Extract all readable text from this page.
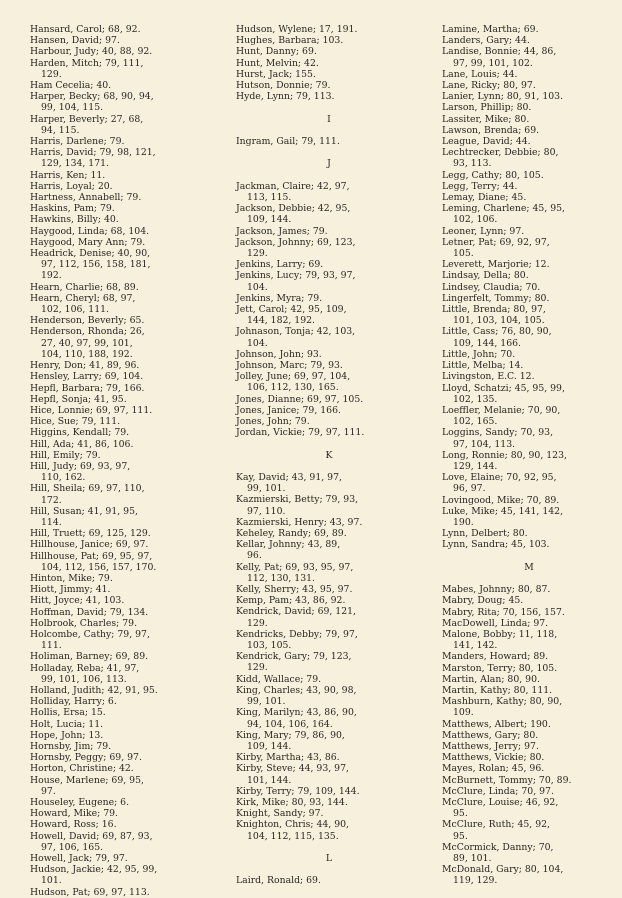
Hansard, Carol; 68, 92.
Hansen, David; 97.
Harbour, Judy; 40, 88, 92.
Harden, Mitch; 79, 111,
129.
Ham Cecelia; 40.
Harper, Becky; 68, 90, 94,
99, 104, 115.
Harper, Beverly; 27, 68,
94, 115.
Harris, Darlene; 79.
Harris, David; 79, 98, 121,
129, 134, 171.
Harris, Ken; 11.
Harris, Loyal; 20.
Hartness, Annabell; 79.
Haskins, Pam; 79.
Hawkins, Billy; 40.
Haygood, Linda; 68, 104.
Haygood, Mary Ann; 79.
Headrick, Denise; 40, 90,
97, 112, 156, 158, 181,
192.
Hearn, Charlie; 68, 89.
Hearn, Cheryl; 68, 97,
102, 106, 111.
Henderson, Beverly; 65.
Henderson, Rhonda; 26,
27, 40, 97, 99, 101,
104, 110, 188, 192.
Henry, Don; 41, 89, 96.
Hensley, Larry; 69, 104.
Hepfl, Barbara; 79, 166.
Hepfl, Sonja; 41, 95.
Hice, Lonnie; 69, 97, 111.
Hice, Sue; 79, 111.
Higgins, Kendall; 79.
Hill, Ada; 41, 86, 106.
Hill, Emily; 79.
Hill, Judy; 69, 93, 97,
110, 162.
Hill, Sheila; 69, 97, 110,
172.
Hill, Susan; 41, 91, 95,
114.
Hill, Truett; 69, 125, 129.
Hillhouse, Janice; 69, 97.
Hillhouse, Pat; 69, 95, 97,
104, 112, 156, 157, 170.
Hinton, Mike; 79.
Hiott, Jimmy; 41.
Hitt, Joyce; 41, 103.
Hoffman, David; 79, 134.
Holbrook, Charles; 79.
Holcombe, Cathy; 79, 97,
111.
Holiman, Barney; 69, 89.
Holladay, Reba; 41, 97,
99, 101, 106, 113.
Holland, Judith; 42, 91, 95.
Holliday, Harry; 6.
Hollis, Ersa; 15.
Holt, Lucia; 11.
Hope, John; 13.
Hornsby, Jim; 79.
Hornsby, Peggy; 69, 97.
Horton, Christine; 42.
House, Marlene; 69, 95,
97.
Houseley, Eugene; 6.
Howard, Mike; 79.
Howard, Ross; 16.
Howell, David; 69, 87, 93,
97, 106, 165.
Howell, Jack; 79, 97.
Hudson, Jackie; 42, 95, 99,
101.
Hudson, Pat; 69, 97, 113.
Hudson, Wylene; 17, 191.
Hughes, Barbara; 103.
Hunt, Danny; 69.
Hunt, Melvin; 42.
Hurst, Jack; 155.
Hutson, Donnie; 79.
Hyde, Lynn; 79, 113.
I
Ingram, Gail; 79, 111.
J
Jackman, Claire; 42, 97,
113, 115.
Jackson, Debbie; 42, 95,
109, 144.
Jackson, James; 79.
Jackson, Johnny; 69, 123,
129.
Jenkins, Larry; 69.
Jenkins, Lucy; 79, 93, 97,
104.
Jenkins, Myra; 79.
Jett, Carol; 42, 95, 109,
144, 182, 192.
Johnason, Tonja; 42, 103,
104.
Johnson, John; 93.
Johnson, Marc; 79, 93.
Jolley, June; 69, 97, 104,
106, 112, 130, 165.
Jones, Dianne; 69, 97, 105.
Jones, Janice; 79, 166.
Jones, John; 79.
Jordan, Vickie; 79, 97, 111.
K
Kay, David; 43, 91, 97,
99, 101.
Kazmierski, Betty; 79, 93,
97, 110.
Kazmierski, Henry; 43, 97.
Keheley, Randy; 69, 89.
Kellar, Johnny; 43, 89,
96.
Kelly, Pat; 69, 93, 95, 97,
112, 130, 131.
Kelly, Sherry; 43, 95, 97.
Kemp, Pam; 43, 86, 92.
Kendrick, David; 69, 121,
129.
Kendricks, Debby; 79, 97,
103, 105.
Kendrick, Gary; 79, 123,
129.
Kidd, Wallace; 79.
King, Charles; 43, 90, 98,
99, 101.
King, Marilyn; 43, 86, 90,
94, 104, 106, 164.
King, Mary; 79, 86, 90,
109, 144.
Kirby, Martha; 43, 86.
Kirby, Steve; 44, 93, 97,
101, 144.
Kirby, Terry; 79, 109, 144.
Kirk, Mike; 80, 93, 144.
Knight, Sandy; 97.
Knighton, Chris; 44, 90,
104, 112, 115, 135.
L
Laird, Ronald; 69.
Lamine, Martha; 69.
Landers, Gary; 44.
Landise, Bonnie; 44, 86,
97, 99, 101, 102.
Lane, Louis; 44.
Lane, Ricky; 80, 97.
Lanier, Lynn; 80, 91, 103.
Larson, Phillip; 80.
Lassiter, Mike; 80.
Lawson, Brenda; 69.
League, David; 44.
Lechtrecker, Debbie; 80,
93, 113.
Legg, Cathy; 80, 105.
Legg, Terry; 44.
Lemay, Diane; 45.
Leming, Charlene; 45, 95,
102, 106.
Leoner, Lynn; 97.
Letner, Pat; 69, 92, 97,
105.
Leverett, Marjorie; 12.
Lindsay, Della; 80.
Lindsey, Claudia; 70.
Lingerfelt, Tommy; 80.
Little, Brenda; 80, 97,
101, 103, 104, 105.
Little, Cass; 76, 80, 90,
109, 144, 166.
Little, John; 70.
Little, Melba; 14.
Livingston, E.C. 12.
Lloyd, Schatzi; 45, 95, 99,
102, 135.
Loeffler, Melanie; 70, 90,
102, 165.
Loggins, Sandy; 70, 93,
97, 104, 113.
Long, Ronnie; 80, 90, 123,
129, 144.
Love, Elaine; 70, 92, 95,
96, 97.
Lovingood, Mike; 70, 89.
Luke, Mike; 45, 141, 142,
190.
Lynn, Delbert; 80.
Lynn, Sandra; 45, 103.
M
Mabes, Johnny; 80, 87.
Mabry, Doug; 45.
Mabry, Rita; 70, 156, 157.
MacDowell, Linda; 97.
Malone, Bobby; 11, 118,
141, 142.
Manders, Howard; 89.
Marston, Terry; 80, 105.
Martin, Alan; 80, 90.
Martin, Kathy; 80, 111.
Mashburn, Kathy; 80, 90,
109.
Matthews, Albert; 190.
Matthews, Gary; 80.
Matthews, Jerry; 97.
Matthews, Vickie; 80.
Mayes, Rolan; 45, 96.
McBurnett, Tommy; 70, 89.
McClure, Linda; 70, 97.
McClure, Louise; 46, 92,
95.
McClure, Ruth; 45, 92,
95.
McCormick, Danny; 70,
89, 101.
McDonald, Gary; 80, 104,
119, 129.
